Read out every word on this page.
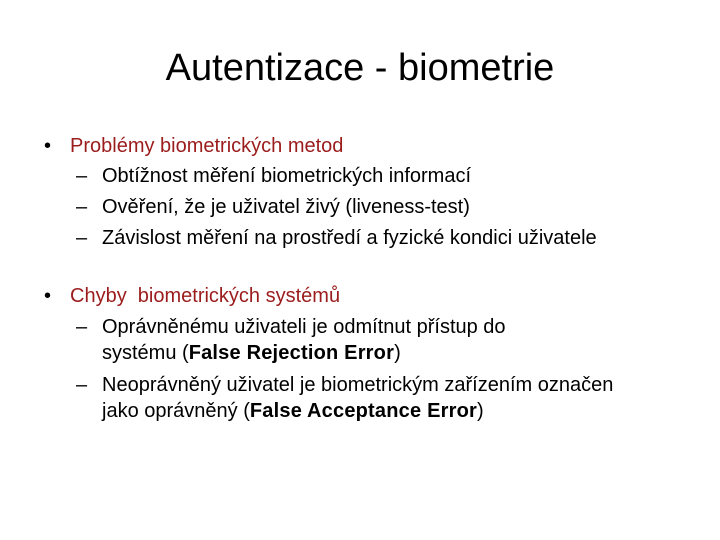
Autentizace - biometrie
• Problémy biometrických metod
– Obtížnost měření biometrických informací
– Ověření, že je uživatel živý (liveness-test)
– Závislost měření na prostředí a fyzické kondici uživatele
• Chyby  biometrických systémů
– Oprávněnému uživateli je odmítnut přístup do systému (False Rejection Error)
– Neoprávněný uživatel je biometrickým zařízením označen jako oprávněný (False Acceptance Error)
